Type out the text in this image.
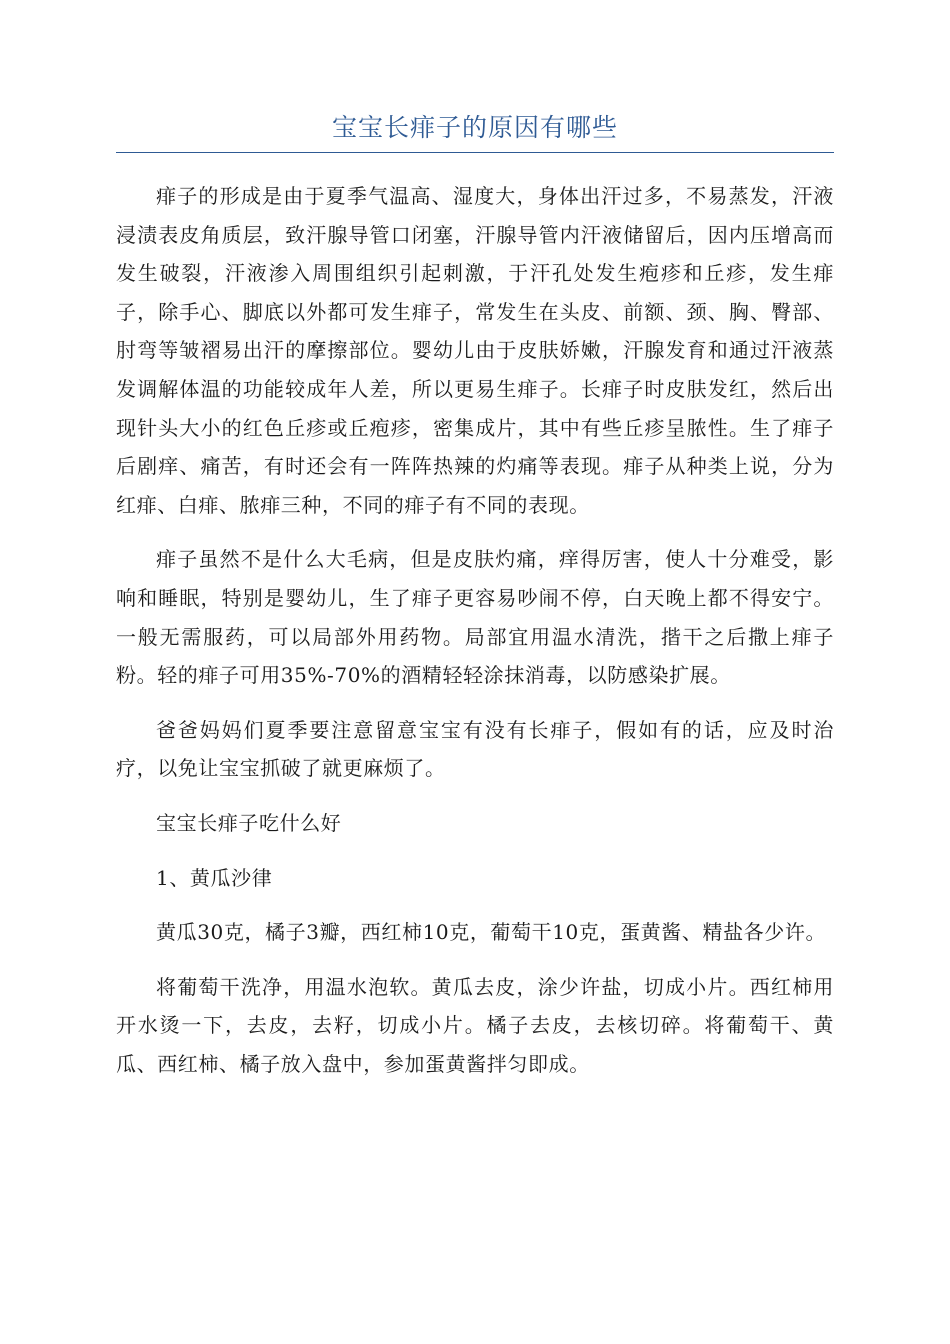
宝宝长痱子的原因有哪些

痱子的形成是由于夏季气温高、湿度大，身体出汗过多，不易蒸发，汗液浸渍表皮角质层，致汗腺导管口闭塞，汗腺导管内汗液储留后，因内压增高而发生破裂，汗液渗入周围组织引起刺激，于汗孔处发生疱疹和丘疹，发生痱子，除手心、脚底以外都可发生痱子，常发生在头皮、前额、颈、胸、臀部、肘弯等皱褶易出汗的摩擦部位。婴幼儿由于皮肤娇嫩，汗腺发育和通过汗液蒸发调解体温的功能较成年人差，所以更易生痱子。长痱子时皮肤发红，然后出现针头大小的红色丘疹或丘疱疹，密集成片，其中有些丘疹呈脓性。生了痱子后剧痒、痛苦，有时还会有一阵阵热辣的灼痛等表现。痱子从种类上说，分为红痱、白痱、脓痱三种，不同的痱子有不同的表现。

痱子虽然不是什么大毛病，但是皮肤灼痛，痒得厉害，使人十分难受，影响和睡眠，特别是婴幼儿，生了痱子更容易吵闹不停，白天晚上都不得安宁。一般无需服药，可以局部外用药物。局部宜用温水清洗，揩干之后撒上痱子粉。轻的痱子可用35%-70%的酒精轻轻涂抹消毒，以防感染扩展。

爸爸妈妈们夏季要注意留意宝宝有没有长痱子，假如有的话，应及时治疗，以免让宝宝抓破了就更麻烦了。

宝宝长痱子吃什么好

1、黄瓜沙律

黄瓜30克，橘子3瓣，西红柿10克，葡萄干10克，蛋黄酱、精盐各少许。

将葡萄干洗净，用温水泡软。黄瓜去皮，涂少许盐，切成小片。西红柿用开水烫一下，去皮，去籽，切成小片。橘子去皮，去核切碎。将葡萄干、黄瓜、西红柿、橘子放入盘中，参加蛋黄酱拌匀即成。
